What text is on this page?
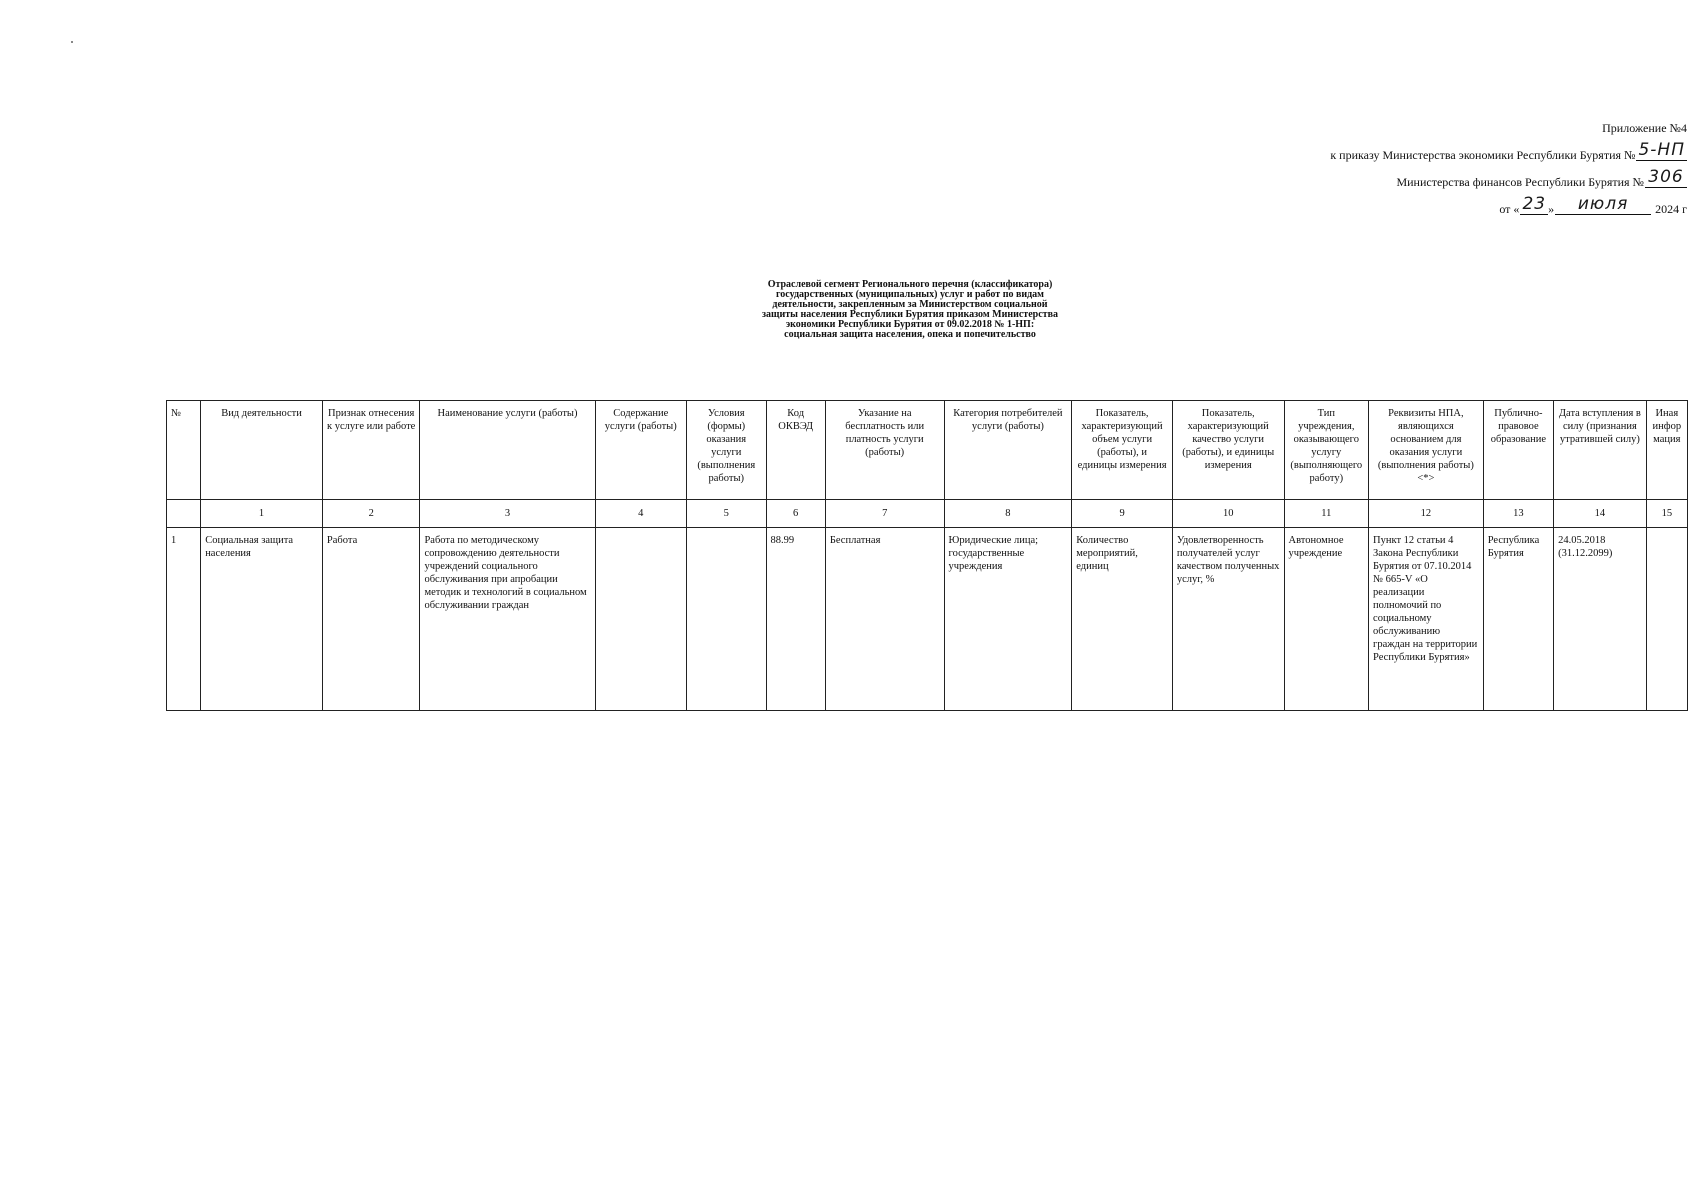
Приложение №4
к приказу Министерства экономики Республики Бурятия № 5-НП
Министерства финансов Республики Бурятия № 306
от « 23 »	июля	2024 г
Отраслевой сегмент Регионального перечня (классификатора)
государственных (муниципальных) услуг и работ по видам
деятельности, закрепленным за Министерством социальной
защиты населения Республики Бурятия приказом Министерства
экономики Республики Бурятия от 09.02.2018 № 1-НП:
социальная защита населения, опека и попечительство
№	Вид деятельности	Признак отнесения к услуге или работе	Наименование услуги (работы)	Содержание услуги (работы)	Условия (формы) оказания услуги (выполнения работы)	Код ОКВЭД	Указание на бесплатность или платность услуги (работы)	Категория потребителей услуги (работы)	Показатель, характеризующий объем услуги (работы), и единицы измерения	Показатель, характеризующий качество услуги (работы), и единицы измерения	Тип учреждения, оказывающего услугу (выполняющего работу)	Реквизиты НПА, являющихся основанием для оказания услуги (выполнения работы) <*>	Публично-правовое образование	Дата вступления в силу (признания утратившей силу)	Иная информация
	1	2	3	4	5	6	7	8	9	10	11	12	13	14	15
1	Социальная защита населения	Работа	Работа по методическому сопровождению деятельности учреждений социального обслуживания при апробации методик и технологий в социальном обслуживании граждан			88.99	Бесплатная	Юридические лица; государственные учреждения	Количество мероприятий, единиц	Удовлетворенность получателей услуг качеством полученных услуг, %	Автономное учреждение	Пункт 12 статьи 4 Закона Республики Бурятия от 07.10.2014 № 665-V «О реализации полномочий по социальному обслуживанию граждан на территории Республики Бурятия»	Республика Бурятия	24.05.2018 (31.12.2099)	
